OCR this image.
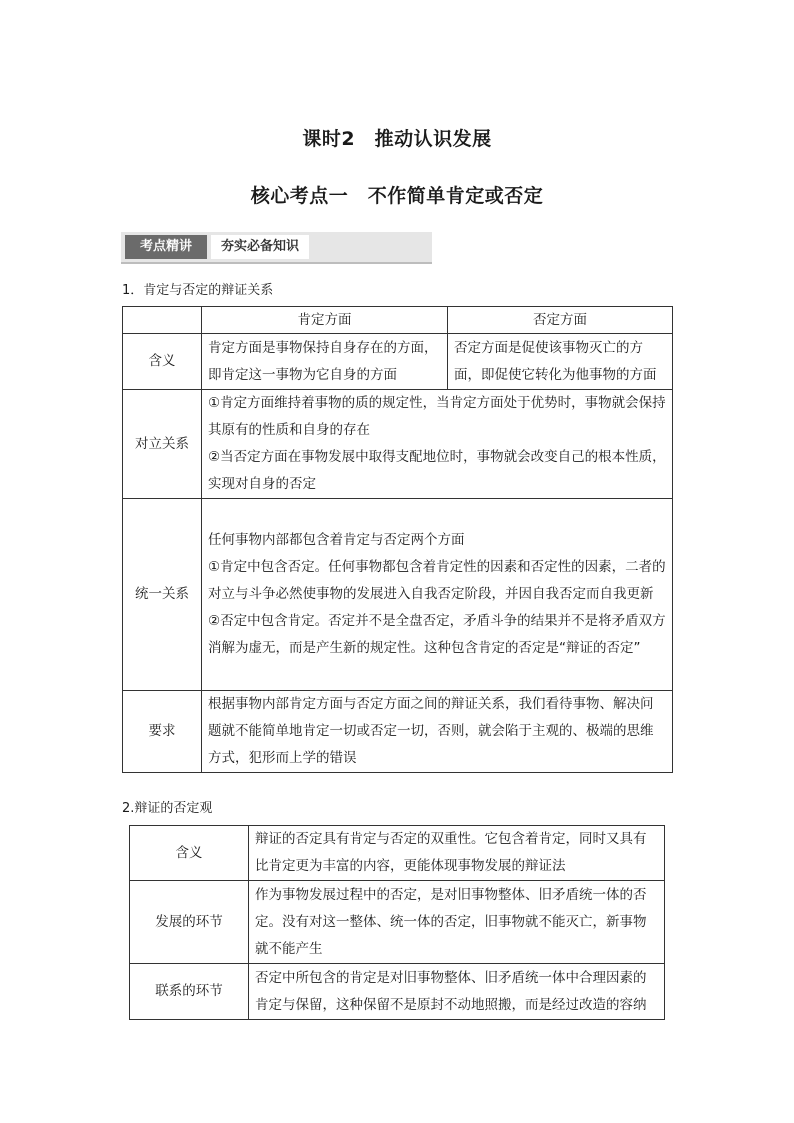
课时2　推动认识发展
核心考点一　不作简单肯定或否定
考点精讲	夯实必备知识
1．肯定与否定的辩证关系
	肯定方面	否定方面
含义	肯定方面是事物保持自身存在的方面，即肯定这一事物为它自身的方面	否定方面是促使该事物灭亡的方面，即促使它转化为他事物的方面
对立关系	①肯定方面维持着事物的质的规定性，当肯定方面处于优势时，事物就会保持其原有的性质和自身的存在
②当否定方面在事物发展中取得支配地位时，事物就会改变自己的根本性质，实现对自身的否定	

统一关系	任何事物内部都包含着肯定与否定两个方面
①肯定中包含否定。任何事物都包含着肯定性的因素和否定性的因素，二者的对立与斗争必然使事物的发展进入自我否定阶段，并因自我否定而自我更新
②否定中包含肯定。否定并不是全盘否定，矛盾斗争的结果并不是将矛盾双方消解为虚无，而是产生新的规定性。这种包含肯定的否定是“辩证的否定”	

要求	根据事物内部肯定方面与否定方面之间的辩证关系，我们看待事物、解决问题就不能简单地肯定一切或否定一切，否则，就会陷于主观的、极端的思维方式，犯形而上学的错误	
2.辩证的否定观
含义	辩证的否定具有肯定与否定的双重性。它包含着肯定，同时又具有比肯定更为丰富的内容，更能体现事物发展的辩证法
发展的环节	作为事物发展过程中的否定，是对旧事物整体、旧矛盾统一体的否定。没有对这一整体、统一体的否定，旧事物就不能灭亡，新事物就不能产生
联系的环节	否定中所包含的肯定是对旧事物整体、旧矛盾统一体中合理因素的肯定与保留，这种保留不是原封不动地照搬，而是经过改造的容纳
